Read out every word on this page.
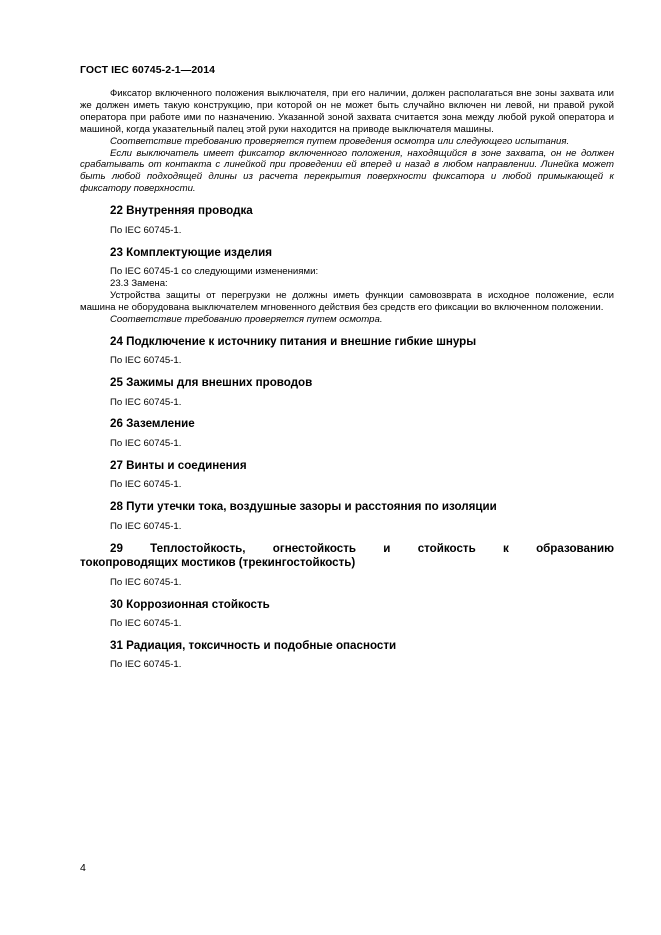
ГОСТ IEC 60745-2-1—2014

Фиксатор включенного положения выключателя, при его наличии, должен располагаться вне зоны захвата или же должен иметь такую конструкцию, при которой он не может быть случайно включен ни левой, ни правой рукой оператора при работе ими по назначению. Указанной зоной захвата считается зона между любой рукой оператора и машиной, когда указательный палец этой руки находится на приводе выключателя машины.

Соответствие требованию проверяется путем проведения осмотра или следующего испытания.

Если выключатель имеет фиксатор включенного положения, находящийся в зоне захвата, он не должен срабатывать от контакта с линейкой при проведении ей вперед и назад в любом направлении. Линейка может быть любой подходящей длины из расчета перекрытия поверхности фиксатора и любой примыкающей к фиксатору поверхности.

22 Внутренняя проводка

По IEC 60745-1.

23 Комплектующие изделия

По IEC 60745-1 со следующими изменениями:

23.3 Замена:

Устройства защиты от перегрузки не должны иметь функции самовозврата в исходное положение, если машина не оборудована выключателем мгновенного действия без средств его фиксации во включенном положении.

Соответствие требованию проверяется путем осмотра.

24 Подключение к источнику питания и внешние гибкие шнуры

По IEC 60745-1.

25 Зажимы для внешних проводов

По IEC 60745-1.

26 Заземление

По IEC 60745-1.

27 Винты и соединения

По IEC 60745-1.

28 Пути утечки тока, воздушные зазоры и расстояния по изоляции

По IEC 60745-1.

29 Теплостойкость, огнестойкость и стойкость к образованию
токопроводящих мостиков (трекингостойкость)

По IEC 60745-1.

30 Коррозионная стойкость

По IEC 60745-1.

31 Радиация, токсичность и подобные опасности

По IEC 60745-1.

4
